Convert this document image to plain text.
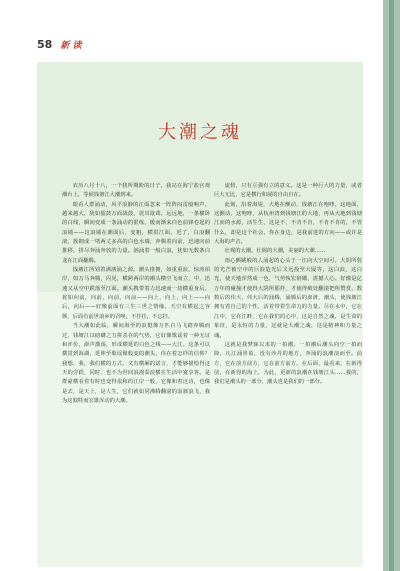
58 新 读
大潮之魂

农历八月十八，一个我所期盼的日子，我站在海宁盐官观潮台上，等候钱塘江大潮到来。

眼看人群涌动，风平浪静的江面忽来一阵阵闷雷般响声，越来越大，犹如擂鼓万面战鼓，震耳欲聋。远远地，一条横卧的白线，瞬间变成一条涌动的银练，缓而渐来白色前锋卷起的浪墙——这浪墙在潮面后，变粗，横贯江面。近了，白浪翻滚，簇拥成一堵两丈多高的白色水墙，奔腾着向前，迅速向前推移，拼尽奔涌奔放的力量。汹涌着一般白浪，犹如无数条白龙在江面翻腾。

钱塘江所划着满汹涌之源。潮头推拥，如重重浪，惊涛拍岸，如万马奔腾，闪见，横跨两岸的潮头横空飞而立，中，迅速又从空中跌落至江面。潮头携带着力迅速而一切横重身后，犹如向前，向前，向前，向前——向上，向上，向上——向后，向后——好像前面有三生三世之情缘，天空有横起之容颜，后面有前世前乡的召唤，不挂挂，不忘挂。

当大潮如此临，瞬间海至的浪挺像万匹白马飞踏奔腾而过，钱塘江以磅礴之力拼杀在的气势，它好像歌谣着一种无证和评价，澎声激荡，形成横延的白色之线——大江。这条可以横贯到海湖，延伸至歌谣像般变的潮头，你在着怎样的信仰？我想，我，我们横的方式，又有横厢的诺言，才能够描绘得这天的旁跃，同时，也不为世间浪漫泰浪横在生活中宴享客。是群豪横看着有时也变得很和的江岸一般，它像和着这诗，也像是去，是天上，是人生，它们就如同沸腾翻滚的浪骇浪飞，我为这独特而宏雄浑动的大潮。

虚假，只有亘强有立的意义。这是一种巨大的力量，或者巨大无比，它是横行和展的自由自在。

此刻，沿着海堤，大地在颤动，钱塘江在咆哮。这地面，这颤动，这咆哮，从杭州湾到钱塘江的大地，再从大地到钱塘江而的水源，活生生，这是不，不肯不肯，不肯不肯的，不管什么，却是这个社会，你在身边，是我前进的方向——或许是大海的声音。

壮观的大潮，壮阔的大潮，美丽的大潮……

雨心颤跳般的人涌起的心头于一江向大空间可。大阴所射的光芒被空中的巨浪造光后又远投至大厦等，这白浪，这白光，使天地浑然成一色，气势恢宏磅礴，震撼人心。好像是亿万年的碰撞才使得大阴所那样，才使得破处翻滚把所赞赏，数数后的伟大，伟大后的涌腾，涌腾后的澎湃，潮头，使钱塘江拥有着自己的个性，活着带着生命力的力量。尽在水中，它在江中，它在江畔，它在我们的心中，这是自然之魂，是生命的象征，是永恒的力量，这就是大潮之魂，这是精神和力量之魂。

这就是我梦寐以求的一拍潮。一拍潮后潮头向空一拍而降，凡江涌喜盈，没有沙丹的地方，奔涌的浪潮浪而至。前方，它在前方前方，它在前方前方。在后面，最看来，在新得前，在新得的海上，为此，更新的浪潮在钱塘江头……我的，我们是潮头的一部分，潮头也是我们的一部分。
